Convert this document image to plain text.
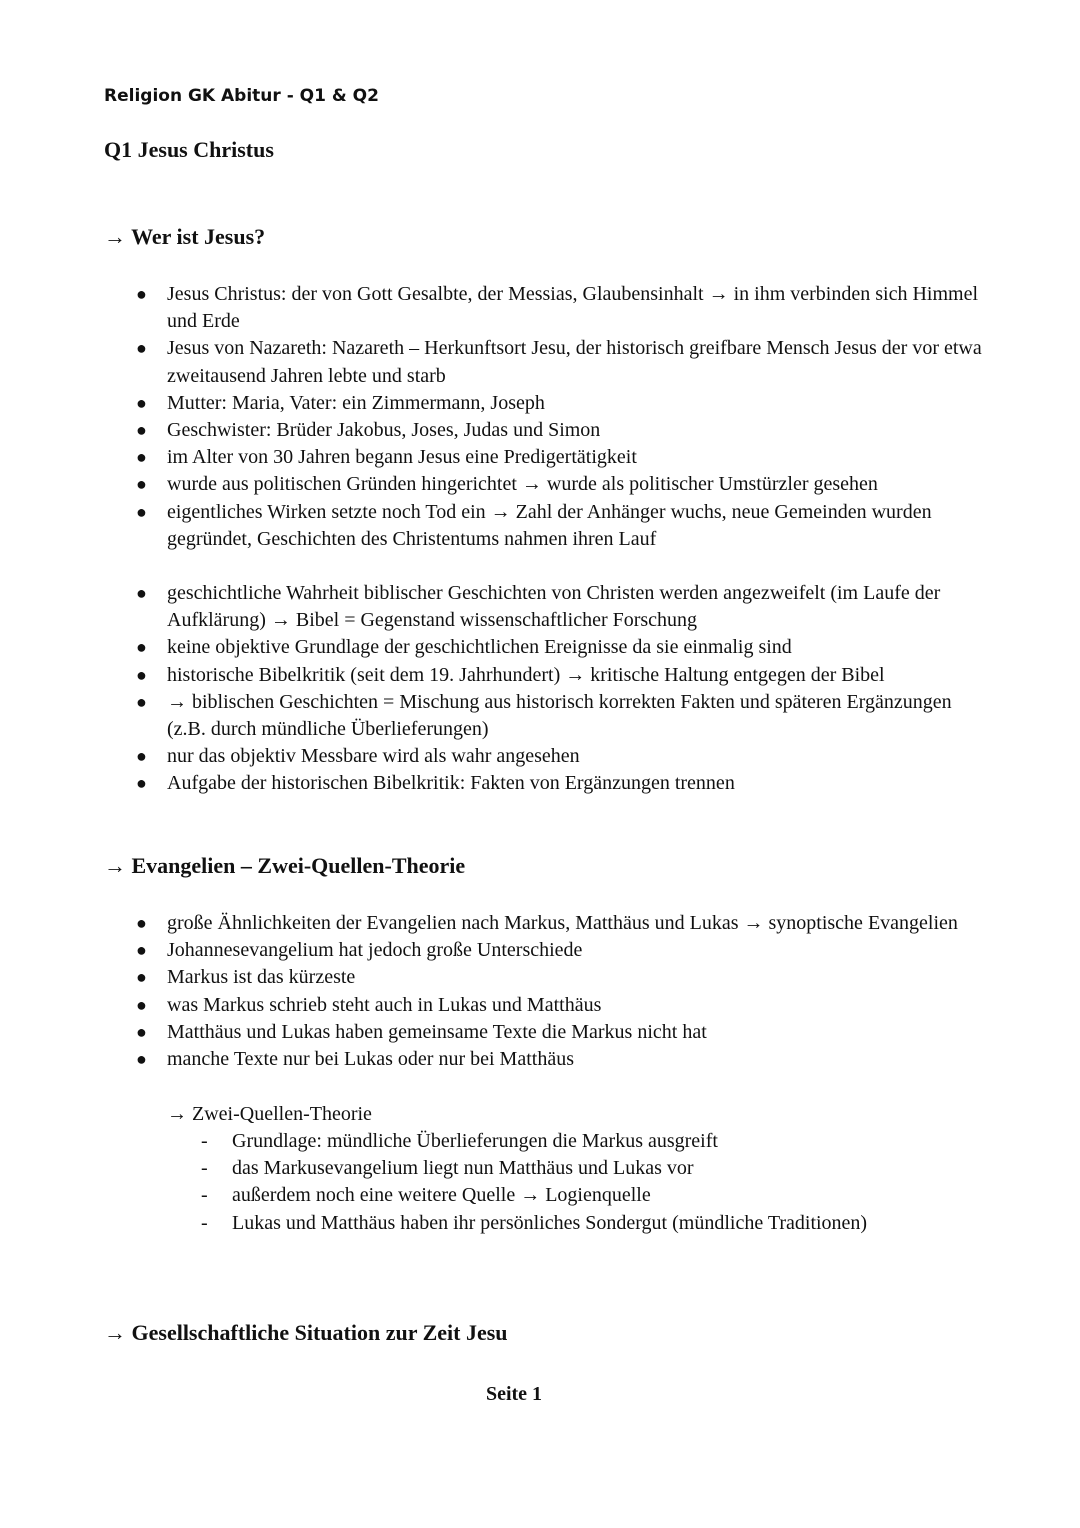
Religion GK Abitur - Q1 & Q2
Q1 Jesus Christus
→ Wer ist Jesus?
● Jesus Christus: der von Gott Gesalbte, der Messias, Glaubensinhalt → in ihm verbinden sich Himmel und Erde
● Jesus von Nazareth: Nazareth – Herkunftsort Jesu, der historisch greifbare Mensch Jesus der vor etwa zweitausend Jahren lebte und starb
● Mutter: Maria, Vater: ein Zimmermann, Joseph
● Geschwister: Brüder Jakobus, Joses, Judas und Simon
● im Alter von 30 Jahren begann Jesus eine Predigertätigkeit
● wurde aus politischen Gründen hingerichtet → wurde als politischer Umstürzler gesehen
● eigentliches Wirken setzte noch Tod ein → Zahl der Anhänger wuchs, neue Gemeinden wurden gegründet, Geschichten des Christentums nahmen ihren Lauf
● geschichtliche Wahrheit biblischer Geschichten von Christen werden angezweifelt (im Laufe der Aufklärung) → Bibel = Gegenstand wissenschaftlicher Forschung
● keine objektive Grundlage der geschichtlichen Ereignisse da sie einmalig sind
● historische Bibelkritik (seit dem 19. Jahrhundert) → kritische Haltung entgegen der Bibel
● → biblischen Geschichten = Mischung aus historisch korrekten Fakten und späteren Ergänzungen (z.B. durch mündliche Überlieferungen)
● nur das objektiv Messbare wird als wahr angesehen
● Aufgabe der historischen Bibelkritik: Fakten von Ergänzungen trennen
→ Evangelien – Zwei-Quellen-Theorie
● große Ähnlichkeiten der Evangelien nach Markus, Matthäus und Lukas → synoptische Evangelien
● Johannesevangelium hat jedoch große Unterschiede
● Markus ist das kürzeste
● was Markus schrieb steht auch in Lukas und Matthäus
● Matthäus und Lukas haben gemeinsame Texte die Markus nicht hat
● manche Texte nur bei Lukas oder nur bei Matthäus
→ Zwei-Quellen-Theorie
- Grundlage: mündliche Überlieferungen die Markus ausgreift
- das Markusevangelium liegt nun Matthäus und Lukas vor
- außerdem noch eine weitere Quelle → Logienquelle
- Lukas und Matthäus haben ihr persönliches Sondergut (mündliche Traditionen)
→ Gesellschaftliche Situation zur Zeit Jesu
Seite 1
